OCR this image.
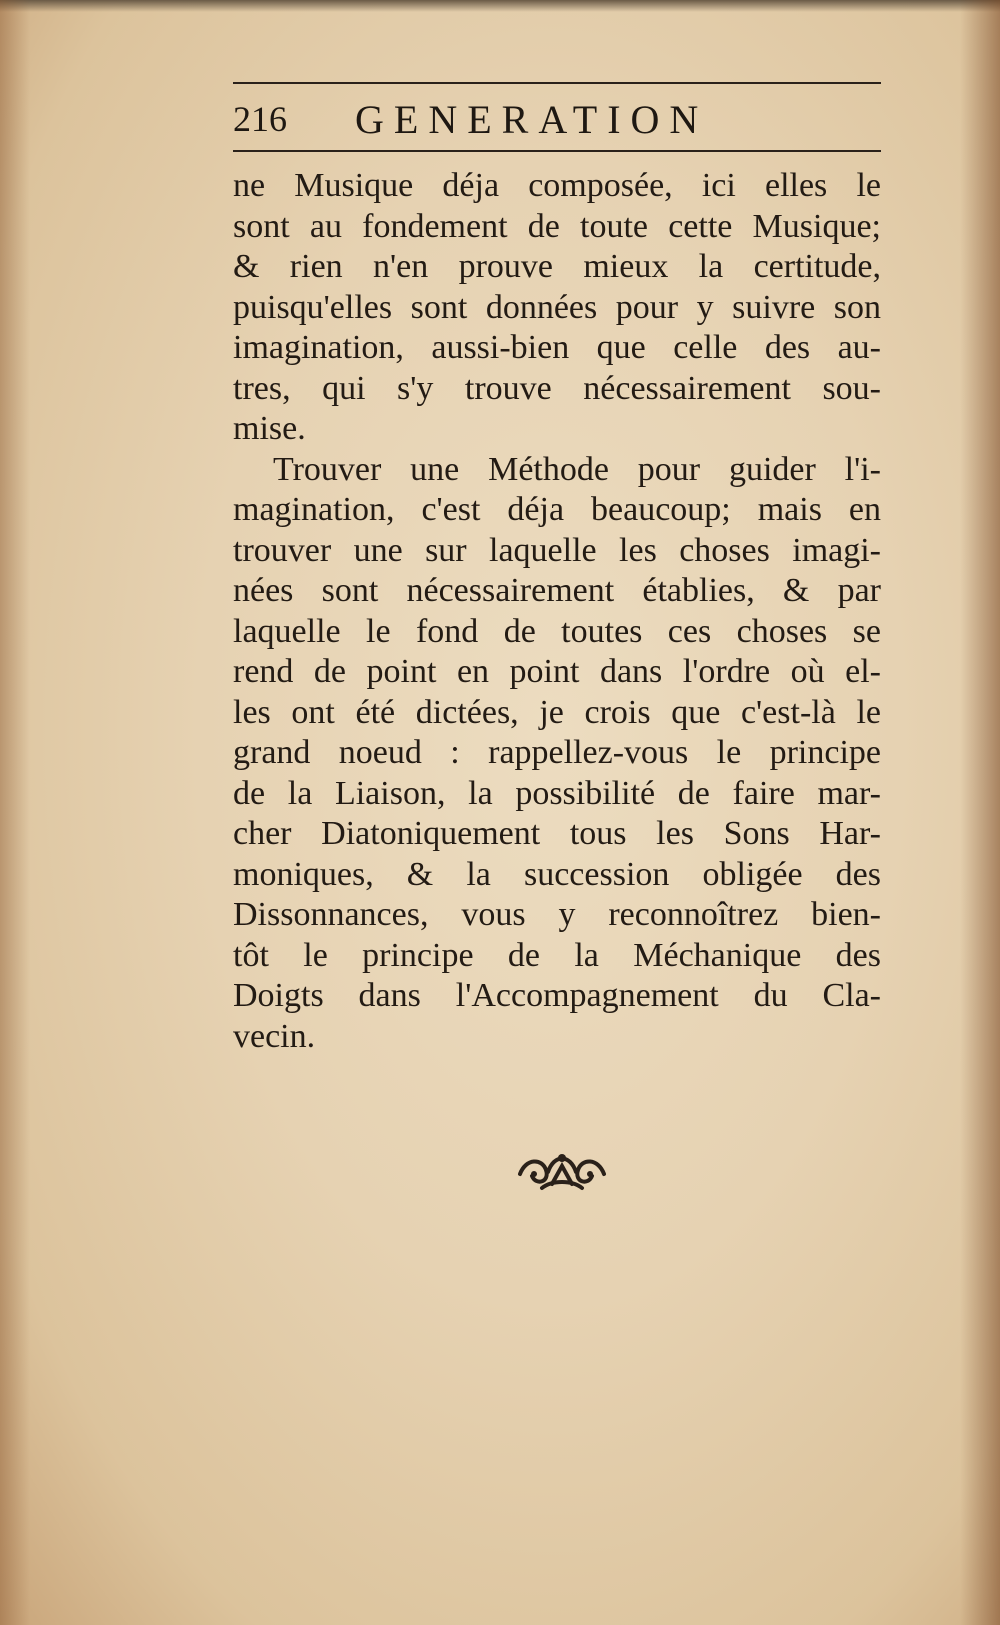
216 GENERATION
ne Musique déja composée, ici elles le
sont au fondement de toute cette Musique;
& rien n'en prouve mieux la certitude,
puisqu'elles sont données pour y suivre son
imagination, aussi-bien que celle des au-
tres, qui s'y trouve nécessairement sou-
mise.
Trouver une Méthode pour guider l'i-
magination, c'est déja beaucoup; mais en
trouver une sur laquelle les choses imagi-
nées sont nécessairement établies, & par
laquelle le fond de toutes ces choses se
rend de point en point dans l'ordre où el-
les ont été dictées, je crois que c'est-là le
grand noeud : rappellez-vous le principe
de la Liaison, la possibilité de faire mar-
cher Diatoniquement tous les Sons Har-
moniques, & la succession obligée des
Dissonnances, vous y reconnoîtrez bien-
tôt le principe de la Méchanique des
Doigts dans l'Accompagnement du Cla-
vecin.
